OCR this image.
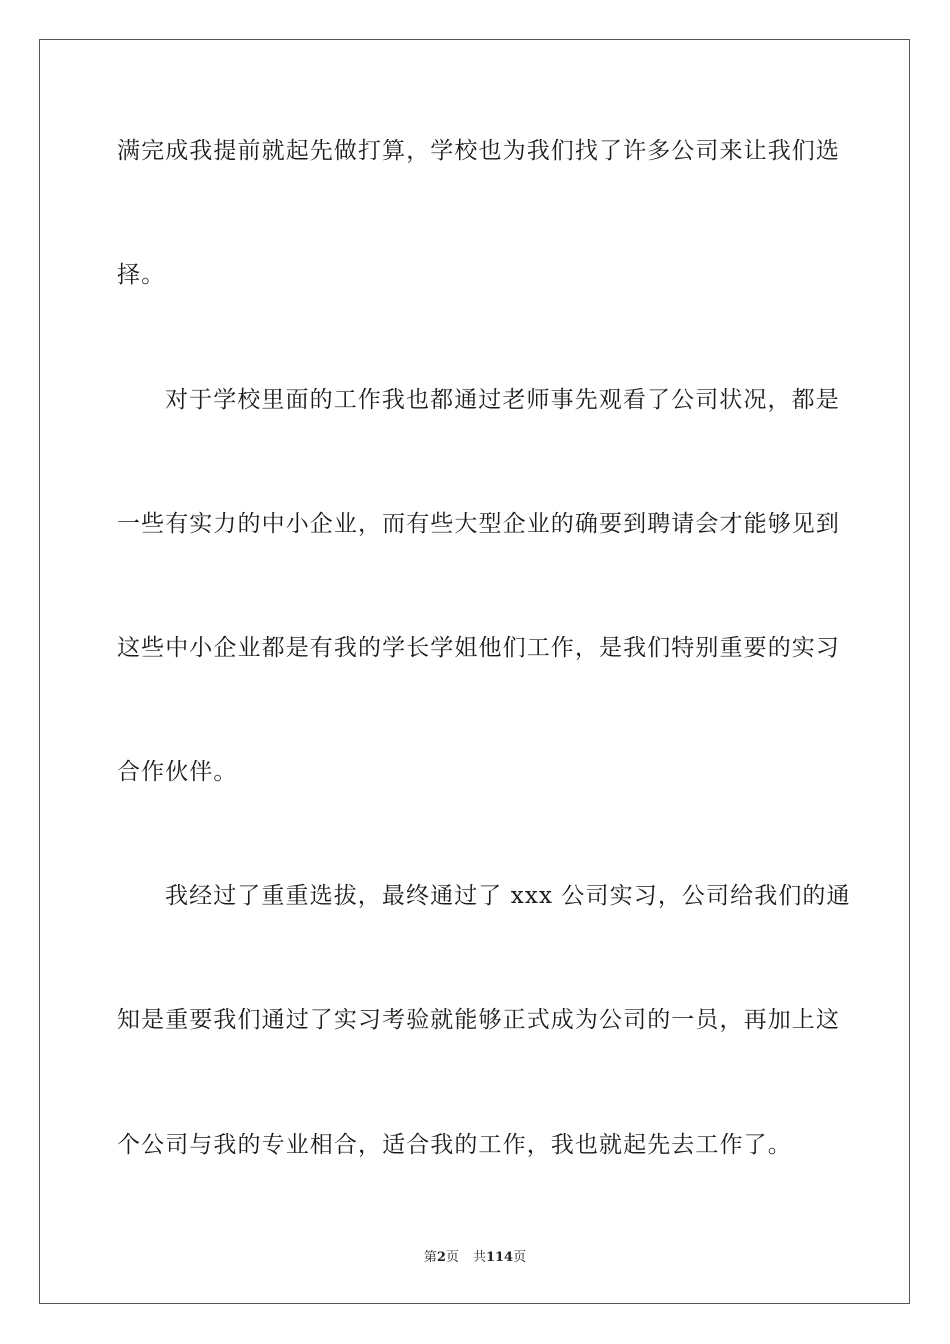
满完成我提前就起先做打算，学校也为我们找了许多公司来让我们选
择。
对于学校里面的工作我也都通过老师事先观看了公司状况，都是
一些有实力的中小企业，而有些大型企业的确要到聘请会才能够见到
这些中小企业都是有我的学长学姐他们工作，是我们特别重要的实习
合作伙伴。
我经过了重重选拔，最终通过了 xxx 公司实习，公司给我们的通
知是重要我们通过了实习考验就能够正式成为公司的一员，再加上这
个公司与我的专业相合，适合我的工作，我也就起先去工作了。
第2页 共114页
